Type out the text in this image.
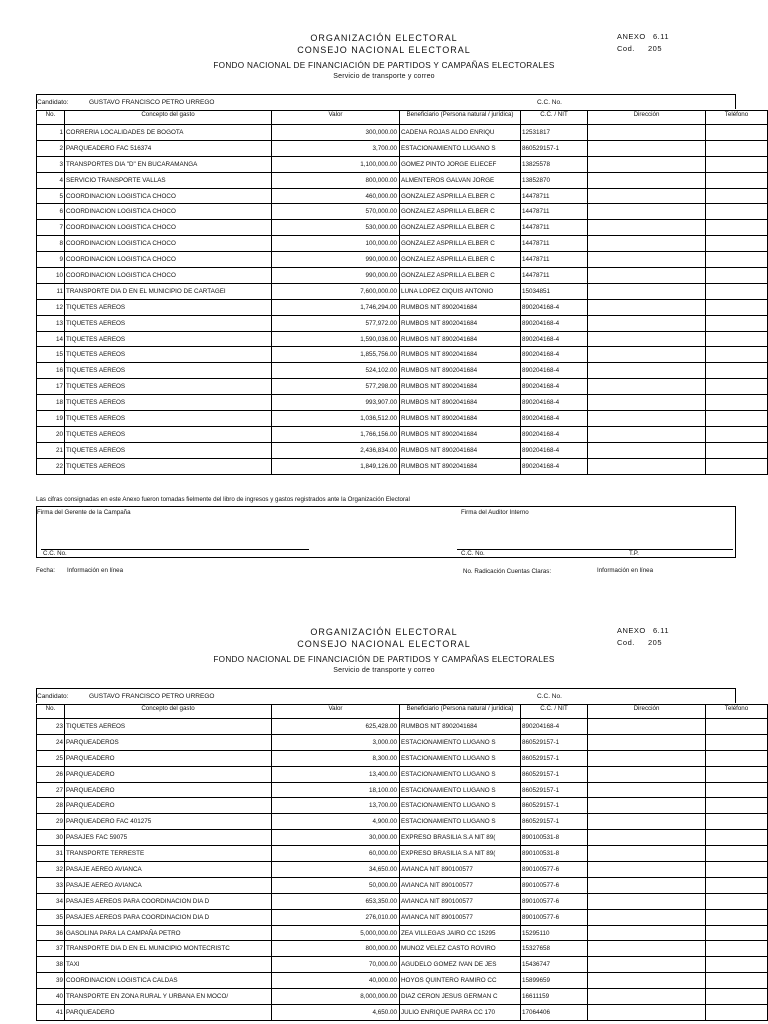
ORGANIZACIÓN ELECTORAL
CONSEJO NACIONAL ELECTORAL
FONDO NACIONAL DE FINANCIACIÓN DE PARTIDOS Y CAMPAÑAS ELECTORALES
Servicio de transporte y correo
ANEXO 6.11
Cod. 205
Candidato:	GUSTAVO FRANCISCO PETRO URREGO	C.C. No.
No.	Concepto del gasto	Valor	Beneficiario (Persona natural / jurídica)	C.C. / NIT	Dirección	Teléfono
1	CORRERIA LOCALIDADES DE BOGOTA	300,000.00	CADENA ROJAS ALDO ENRIQU	12531817		
2	PARQUEADERO FAC 516374	3,700.00	ESTACIONAMIENTO LUGANO S	860529157-1		
3	TRANSPORTES DIA "D" EN BUCARAMANGA	1,100,000.00	GOMEZ PINTO JORGE ELIECEF	13825578		
4	SERVICIO TRANSPORTE VALLAS	800,000.00	ALMENTEROS GALVAN JORGE	13852870		
5	COORDINACION LOGISTICA CHOCO	460,000.00	GONZALEZ ASPRILLA ELBER C	14478711		
6	COORDINACION LOGISTICA CHOCO	570,000.00	GONZALEZ ASPRILLA ELBER C	14478711		
7	COORDINACION LOGISTICA CHOCO	530,000.00	GONZALEZ ASPRILLA ELBER C	14478711		
8	COORDINACION LOGISTICA CHOCO	100,000.00	GONZALEZ ASPRILLA ELBER C	14478711		
9	COORDINACION LOGISTICA CHOCO	990,000.00	GONZALEZ ASPRILLA ELBER C	14478711		
10	COORDINACION LOGISTICA CHOCO	990,000.00	GONZALEZ ASPRILLA ELBER C	14478711		
11	TRANSPORTE DIA D EN EL MUNICIPIO DE CARTAGEI	7,600,000.00	LUNA LOPEZ CIQUIS ANTONIO	15034851		
12	TIQUETES AEREOS	1,746,294.00	RUMBOS NIT 8902041684	890204168-4		
13	TIQUETES AEREOS	577,972.00	RUMBOS NIT 8902041684	890204168-4		
14	TIQUETES AEREOS	1,590,036.00	RUMBOS NIT 8902041684	890204168-4		
15	TIQUETES AEREOS	1,855,756.00	RUMBOS NIT 8902041684	890204168-4		
16	TIQUETES AEREOS	524,102.00	RUMBOS NIT 8902041684	890204168-4		
17	TIQUETES AEREOS	577,298.00	RUMBOS NIT 8902041684	890204168-4		
18	TIQUETES AEREOS	993,907.00	RUMBOS NIT 8902041684	890204168-4		
19	TIQUETES AEREOS	1,036,512.00	RUMBOS NIT 8902041684	890204168-4		
20	TIQUETES AEREOS	1,766,156.00	RUMBOS NIT 8902041684	890204168-4		
21	TIQUETES AEREOS	2,436,834.00	RUMBOS NIT 8902041684	890204168-4		
22	TIQUETES AEREOS	1,849,126.00	RUMBOS NIT 8902041684	890204168-4		
Las cifras consignadas en este Anexo fueron tomadas fielmente del libro de ingresos y gastos registrados ante la Organización Electoral
Firma del Gerente de la Campaña	Firma del Auditor Interno
C.C. No.	C.C. No.	T.P.
Fecha: Información en línea	No. Radicación Cuentas Claras:	Información en línea
ORGANIZACIÓN ELECTORAL
CONSEJO NACIONAL ELECTORAL
FONDO NACIONAL DE FINANCIACIÓN DE PARTIDOS Y CAMPAÑAS ELECTORALES
Servicio de transporte y correo
ANEXO 6.11
Cod. 205
Candidato:	GUSTAVO FRANCISCO PETRO URREGO	C.C. No.
No.	Concepto del gasto	Valor	Beneficiario (Persona natural / jurídica)	C.C. / NIT	Dirección	Teléfono
23	TIQUETES AEREOS	625,428.00	RUMBOS NIT 8902041684	890204168-4		
24	PARQUEADEROS	3,000.00	ESTACIONAMIENTO LUGANO S	860529157-1		
25	PARQUEADERO	8,300.00	ESTACIONAMIENTO LUGANO S	860529157-1		
26	PARQUEADERO	13,400.00	ESTACIONAMIENTO LUGANO S	860529157-1		
27	PARQUEADERO	18,100.00	ESTACIONAMIENTO LUGANO S	860529157-1		
28	PARQUEADERO	13,700.00	ESTACIONAMIENTO LUGANO S	860529157-1		
29	PARQUEADERO FAC 401275	4,900.00	ESTACIONAMIENTO LUGANO S	860529157-1		
30	PASAJES FAC 59075	30,000.00	EXPRESO BRASILIA S.A NIT 89(	890100531-8		
31	TRANSPORTE TERRESTE	60,000.00	EXPRESO BRASILIA S.A NIT 89(	890100531-8		
32	PASAJE AEREO AVIANCA	34,650.00	AVIANCA NIT 890100577	890100577-6		
33	PASAJE AEREO AVIANCA	50,000.00	AVIANCA NIT 890100577	890100577-6		
34	PASAJES AEREOS PARA COORDINACION DIA D	653,350.00	AVIANCA NIT 890100577	890100577-6		
35	PASAJES AEREOS PARA COORDINACION DIA D	276,010.00	AVIANCA NIT 890100577	890100577-6		
36	GASOLINA PARA LA CAMPAÑA PETRO	5,000,000.00	ZEA VILLEGAS JAIRO CC 15295	15295110		
37	TRANSPORTE DIA D EN EL MUNICIPIO MONTECRISTC	800,000.00	MUNOZ VELEZ CASTO ROVIRO	15327658		
38	TAXI	70,000.00	AGUDELO GOMEZ IVAN DE JES	15436747		
39	COORDINACION LOGISTICA CALDAS	40,000.00	HOYOS QUINTERO RAMIRO CC	15899659		
40	TRANSPORTE EN ZONA RURAL Y URBANA EN MOCO/	8,000,000.00	DIAZ CERON JESUS GERMAN C	16611159		
41	PARQUEADERO	4,650.00	JULIO ENRIQUE PARRA CC 170	17064406		
